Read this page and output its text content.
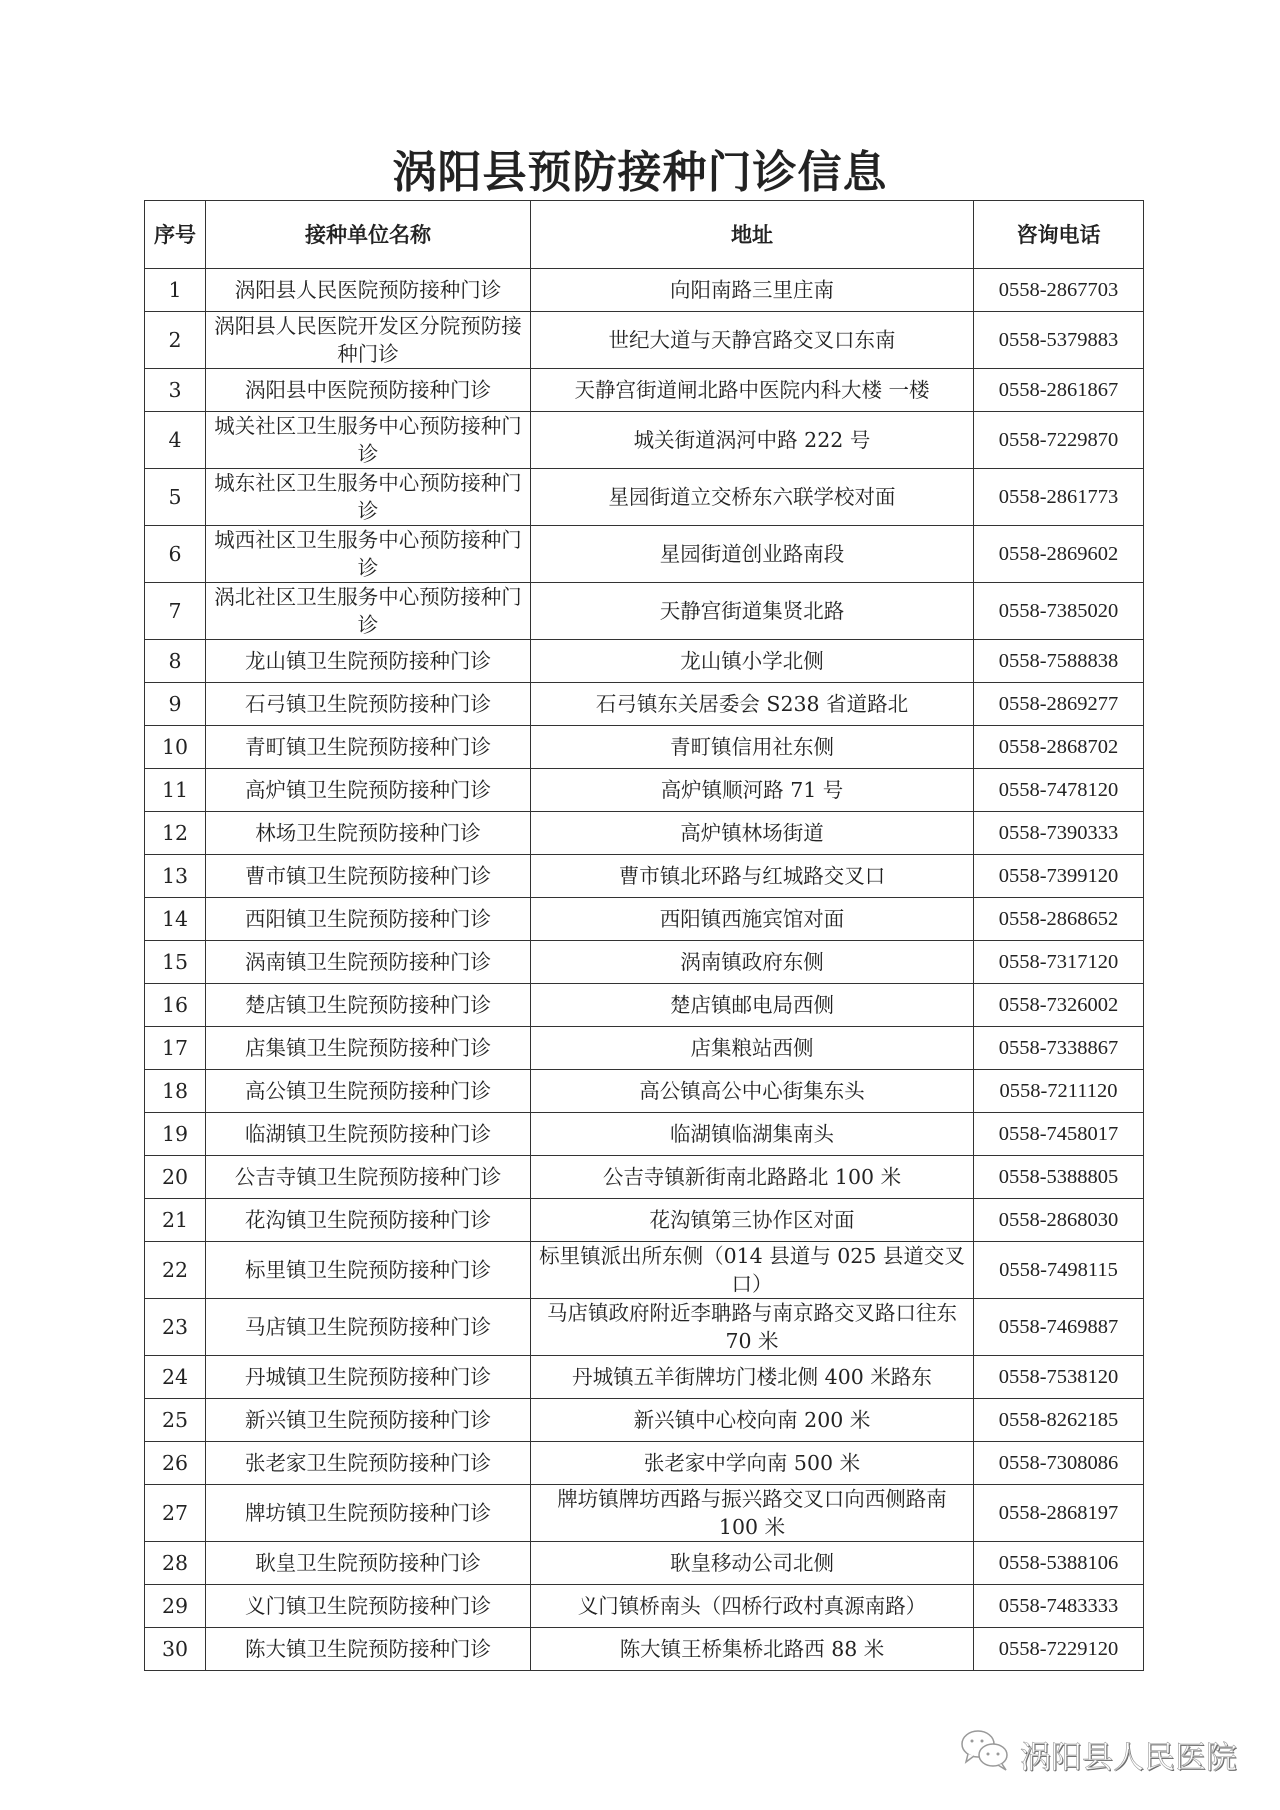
涡阳县预防接种门诊信息
序号	接种单位名称	地址	咨询电话
1	涡阳县人民医院预防接种门诊	向阳南路三里庄南	0558-2867703
2	涡阳县人民医院开发区分院预防接种门诊	世纪大道与天静宫路交叉口东南	0558-5379883
3	涡阳县中医院预防接种门诊	天静宫街道闸北路中医院内科大楼 一楼	0558-2861867
4	城关社区卫生服务中心预防接种门诊	城关街道涡河中路 222 号	0558-7229870
5	城东社区卫生服务中心预防接种门诊	星园街道立交桥东六联学校对面	0558-2861773
6	城西社区卫生服务中心预防接种门诊	星园街道创业路南段	0558-2869602
7	涡北社区卫生服务中心预防接种门诊	天静宫街道集贤北路	0558-7385020
8	龙山镇卫生院预防接种门诊	龙山镇小学北侧	0558-7588838
9	石弓镇卫生院预防接种门诊	石弓镇东关居委会 S238 省道路北	0558-2869277
10	青町镇卫生院预防接种门诊	青町镇信用社东侧	0558-2868702
11	高炉镇卫生院预防接种门诊	高炉镇顺河路 71 号	0558-7478120
12	林场卫生院预防接种门诊	高炉镇林场街道	0558-7390333
13	曹市镇卫生院预防接种门诊	曹市镇北环路与红城路交叉口	0558-7399120
14	西阳镇卫生院预防接种门诊	西阳镇西施宾馆对面	0558-2868652
15	涡南镇卫生院预防接种门诊	涡南镇政府东侧	0558-7317120
16	楚店镇卫生院预防接种门诊	楚店镇邮电局西侧	0558-7326002
17	店集镇卫生院预防接种门诊	店集粮站西侧	0558-7338867
18	高公镇卫生院预防接种门诊	高公镇高公中心街集东头	0558-7211120
19	临湖镇卫生院预防接种门诊	临湖镇临湖集南头	0558-7458017
20	公吉寺镇卫生院预防接种门诊	公吉寺镇新街南北路路北 100 米	0558-5388805
21	花沟镇卫生院预防接种门诊	花沟镇第三协作区对面	0558-2868030
22	标里镇卫生院预防接种门诊	标里镇派出所东侧（014 县道与 025 县道交叉口）	0558-7498115
23	马店镇卫生院预防接种门诊	马店镇政府附近李聃路与南京路交叉路口往东 70 米	0558-7469887
24	丹城镇卫生院预防接种门诊	丹城镇五羊街牌坊门楼北侧 400 米路东	0558-7538120
25	新兴镇卫生院预防接种门诊	新兴镇中心校向南 200 米	0558-8262185
26	张老家卫生院预防接种门诊	张老家中学向南 500 米	0558-7308086
27	牌坊镇卫生院预防接种门诊	牌坊镇牌坊西路与振兴路交叉口向西侧路南 100 米	0558-2868197
28	耿皇卫生院预防接种门诊	耿皇移动公司北侧	0558-5388106
29	义门镇卫生院预防接种门诊	义门镇桥南头（四桥行政村真源南路）	0558-7483333
30	陈大镇卫生院预防接种门诊	陈大镇王桥集桥北路西 88 米	0558-7229120
涡阳县人民医院
